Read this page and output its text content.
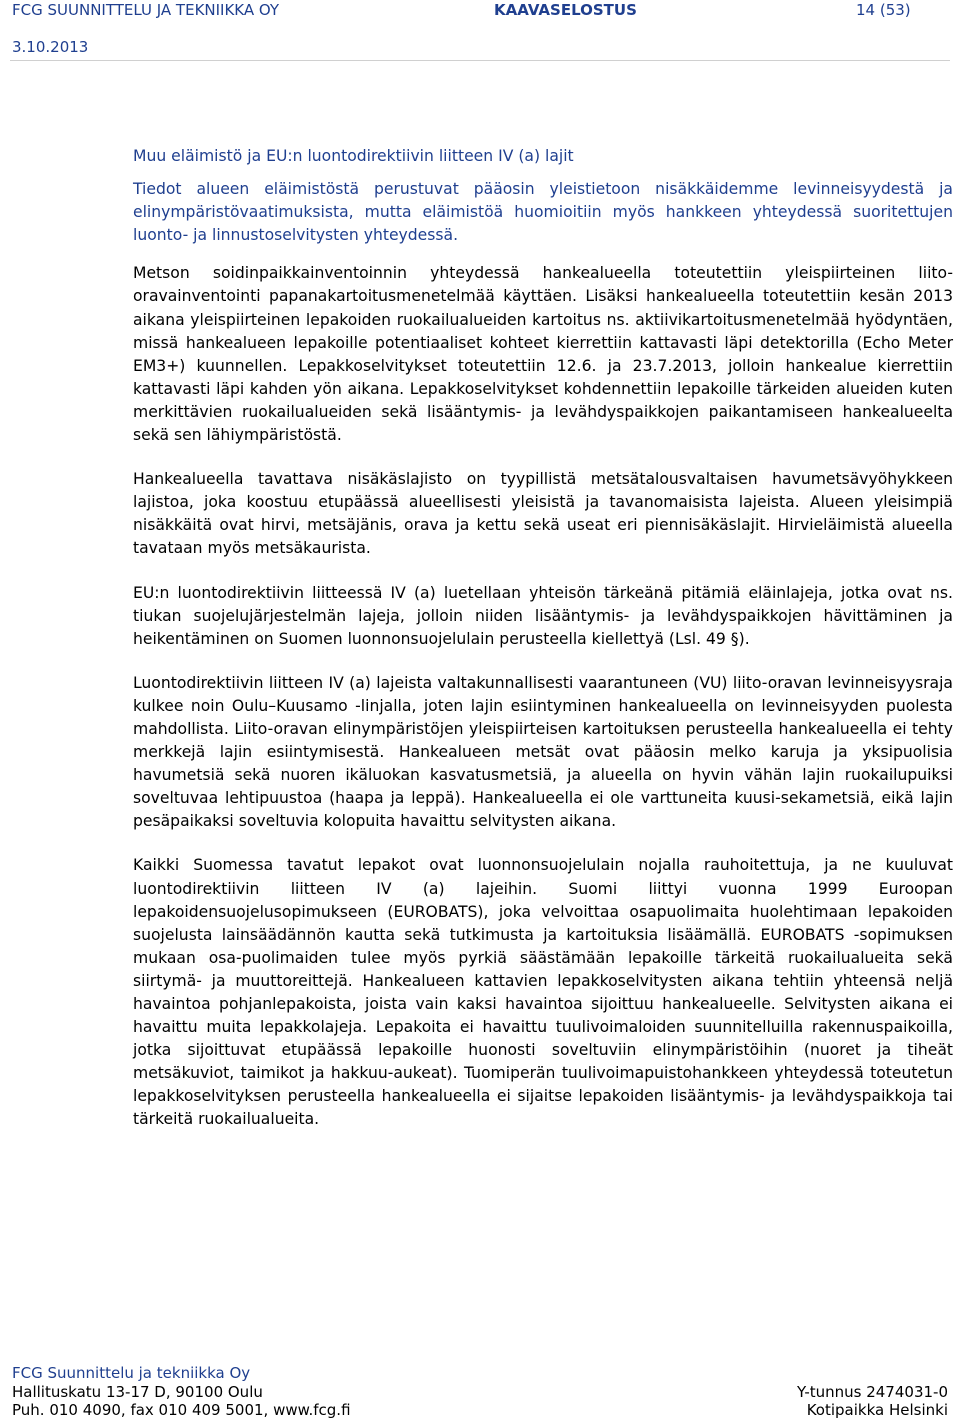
FCG SUUNNITTELU JA TEKNIIKKA OY	KAAVASELOSTUS	14 (53)
3.10.2013
Muu eläimistö ja EU:n luontodirektiivin liitteen IV (a) lajit
Tiedot alueen eläimistöstä perustuvat pääosin yleistietoon nisäkkäidemme levinneisyydestä ja elinympäristövaatimuksista, mutta eläimistöä huomioitiin myös hankkeen yhteydessä suoritettujen luonto- ja linnustoselvitysten yhteydessä.

Metson soidinpaikkainventoinnin yhteydessä hankealueella toteutettiin yleispiirteinen liito-oravainventointi papanakartoitusmenetelmää käyttäen. Lisäksi hankealueella toteutettiin kesän 2013 aikana yleispiirteinen lepakoiden ruokailualueiden kartoitus ns. aktiivikartoitusmenetelmää hyödyntäen, missä hankealueen lepakoille potentiaaliset kohteet kierrettiin kattavasti läpi detektorilla (Echo Meter EM3+) kuunnellen. Lepakkoselvitykset toteutettiin 12.6. ja 23.7.2013, jolloin hankealue kierrettiin kattavasti läpi kahden yön aikana. Lepakkoselvitykset kohdennettiin lepakoille tärkeiden alueiden kuten merkittävien ruokailualueiden sekä lisääntymis- ja levähdyspaikkojen paikantamiseen hankealueelta sekä sen lähiympäristöstä.

Hankealueella tavattava nisäkäslajisto on tyypillistä metsätalousvaltaisen havumetsävyöhykkeen lajistoa, joka koostuu etupäässä alueellisesti yleisistä ja tavanomaisista lajeista. Alueen yleisimpiä nisäkkäitä ovat hirvi, metsäjänis, orava ja kettu sekä useat eri piennisäkäslajit. Hirvieläimistä alueella tavataan myös metsäkaurista.

EU:n luontodirektiivin liitteessä IV (a) luetellaan yhteisön tärkeänä pitämiä eläinlajeja, jotka ovat ns. tiukan suojelujärjestelmän lajeja, jolloin niiden lisääntymis- ja levähdyspaikkojen hävittäminen ja heikentäminen on Suomen luonnonsuojelulain perusteella kiellettyä (Lsl. 49 §).

Luontodirektiivin liitteen IV (a) lajeista valtakunnallisesti vaarantuneen (VU) liito-oravan levinneisyysraja kulkee noin Oulu–Kuusamo -linjalla, joten lajin esiintyminen hankealueella on levinneisyyden puolesta mahdollista. Liito-oravan elinympäristöjen yleispiirteisen kartoituksen perusteella hankealueella ei tehty merkkejä lajin esiintymisestä. Hankealueen metsät ovat pääosin melko karuja ja yksipuolisia havumetsiä sekä nuoren ikäluokan kasvatusmetsiä, ja alueella on hyvin vähän lajin ruokailupuiksi soveltuvaa lehtipuustoa (haapa ja leppä). Hankealueella ei ole varttuneita kuusi-sekametsiä, eikä lajin pesäpaikaksi soveltuvia kolopuita havaittu selvitysten aikana.

Kaikki Suomessa tavatut lepakot ovat luonnonsuojelulain nojalla rauhoitettuja, ja ne kuuluvat luontodirektiivin liitteen IV (a) lajeihin. Suomi liittyi vuonna 1999 Euroopan lepakoidensuojelusopimukseen (EUROBATS), joka velvoittaa osapuolimaita huolehtimaan lepakoiden suojelusta lainsäädännön kautta sekä tutkimusta ja kartoituksia lisäämällä. EUROBATS -sopimuksen mukaan osa-puolimaiden tulee myös pyrkiä säästämään lepakoille tärkeitä ruokailualueita sekä siirtymä- ja muuttoreittejä. Hankealueen kattavien lepakkoselvitysten aikana tehtiin yhteensä neljä havaintoa pohjanlepakoista, joista vain kaksi havaintoa sijoittuu hankealueelle. Selvitysten aikana ei havaittu muita lepakkolajeja. Lepakoita ei havaittu tuulivoimaloiden suunnitelluilla rakennuspaikoilla, jotka sijoittuvat etupäässä lepakoille huonosti soveltuviin elinympäristöihin (nuoret ja tiheät metsäkuviot, taimikot ja hakkuu-aukeat). Tuomiperän tuulivoimapuistohankkeen yhteydessä toteutetun lepakkoselvityksen perusteella hankealueella ei sijaitse lepakoiden lisääntymis- ja levähdyspaikkoja tai tärkeitä ruokailualueita.

FCG Suunnittelu ja tekniikka Oy
Hallituskatu 13-17 D, 90100 Oulu	Y-tunnus 2474031-0
Puh. 010 4090, fax 010 409 5001, www.fcg.fi	Kotipaikka Helsinki
